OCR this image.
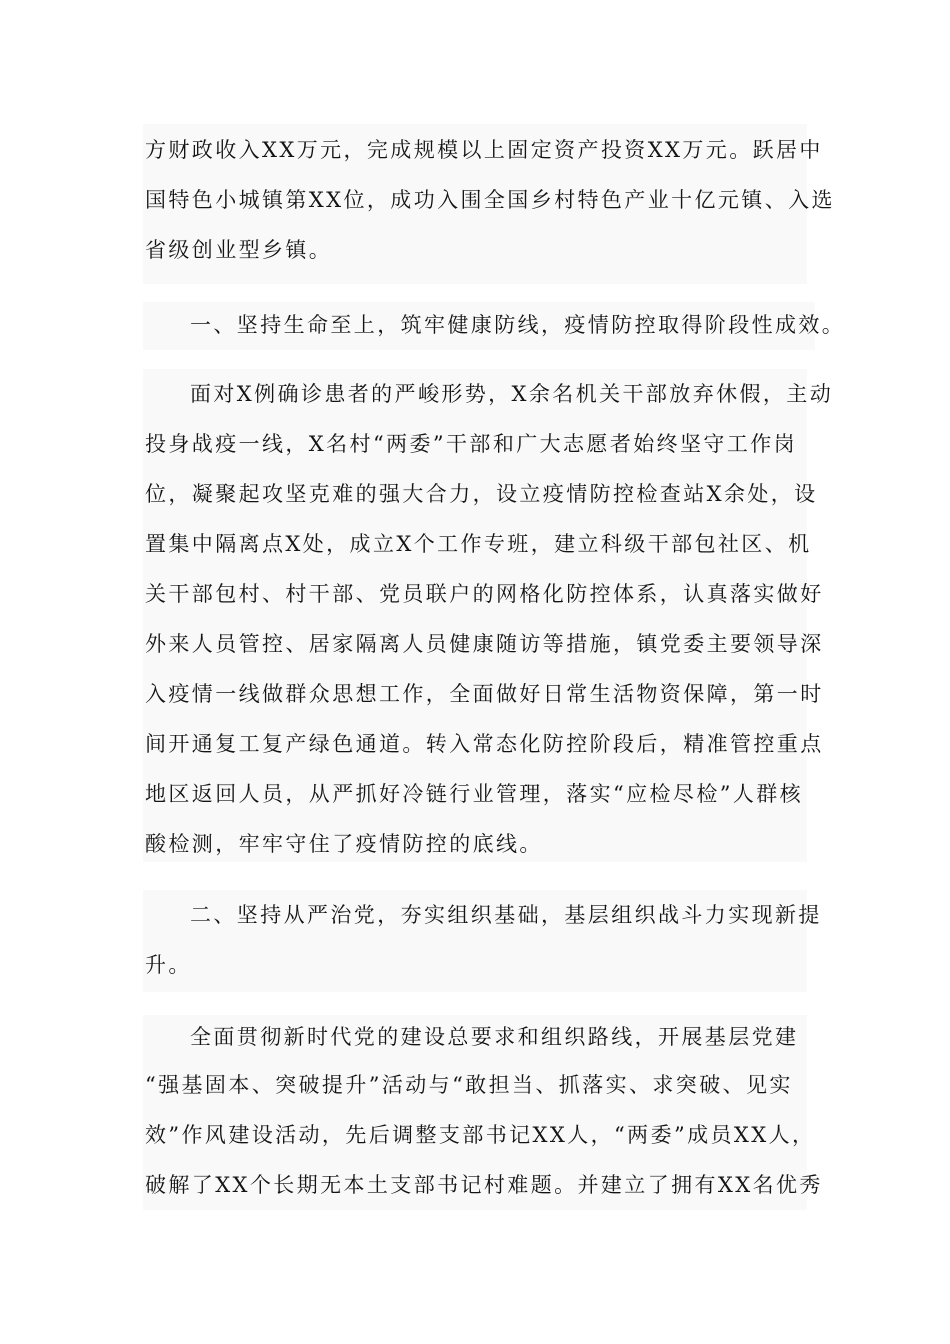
方财政收入XX万元，完成规模以上固定资产投资XX万元。跃居中
国特色小城镇第XX位，成功入围全国乡村特色产业十亿元镇、入选
省级创业型乡镇。
一、坚持生命至上，筑牢健康防线，疫情防控取得阶段性成效。
面对X例确诊患者的严峻形势，X余名机关干部放弃休假，主动
投身战疫一线，X名村“两委”干部和广大志愿者始终坚守工作岗
位，凝聚起攻坚克难的强大合力，设立疫情防控检查站X余处，设
置集中隔离点X处，成立X个工作专班，建立科级干部包社区、机
关干部包村、村干部、党员联户的网格化防控体系，认真落实做好
外来人员管控、居家隔离人员健康随访等措施，镇党委主要领导深
入疫情一线做群众思想工作，全面做好日常生活物资保障，第一时
间开通复工复产绿色通道。转入常态化防控阶段后，精准管控重点
地区返回人员，从严抓好冷链行业管理，落实“应检尽检”人群核
酸检测，牢牢守住了疫情防控的底线。
二、坚持从严治党，夯实组织基础，基层组织战斗力实现新提
升。
全面贯彻新时代党的建设总要求和组织路线，开展基层党建
“强基固本、突破提升”活动与“敢担当、抓落实、求突破、见实
效”作风建设活动，先后调整支部书记XX人，“两委”成员XX人，
破解了XX个长期无本土支部书记村难题。并建立了拥有XX名优秀
